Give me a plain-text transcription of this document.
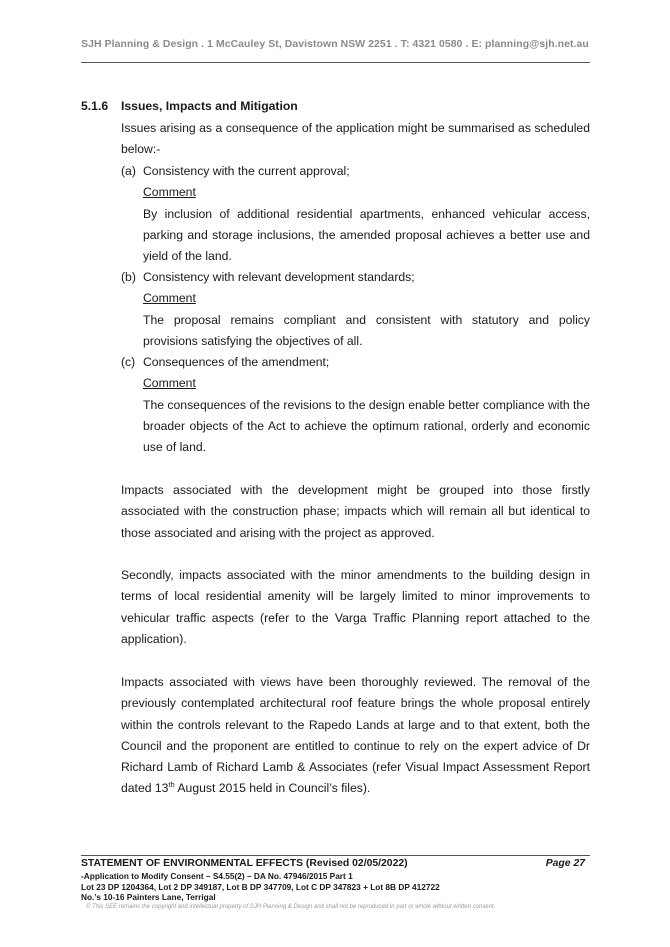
SJH Planning & Design . 1 McCauley St, Davistown NSW 2251 . T: 4321 0580 . E: planning@sjh.net.au
5.1.6 Issues, Impacts and Mitigation
Issues arising as a consequence of the application might be summarised as scheduled below:-
(a) Consistency with the current approval;
Comment
By inclusion of additional residential apartments, enhanced vehicular access, parking and storage inclusions, the amended proposal achieves a better use and yield of the land.
(b) Consistency with relevant development standards;
Comment
The proposal remains compliant and consistent with statutory and policy provisions satisfying the objectives of all.
(c) Consequences of the amendment;
Comment
The consequences of the revisions to the design enable better compliance with the broader objects of the Act to achieve the optimum rational, orderly and economic use of land.
Impacts associated with the development might be grouped into those firstly associated with the construction phase; impacts which will remain all but identical to those associated and arising with the project as approved.
Secondly, impacts associated with the minor amendments to the building design in terms of local residential amenity will be largely limited to minor improvements to vehicular traffic aspects (refer to the Varga Traffic Planning report attached to the application).
Impacts associated with views have been thoroughly reviewed. The removal of the previously contemplated architectural roof feature brings the whole proposal entirely within the controls relevant to the Rapedo Lands at large and to that extent, both the Council and the proponent are entitled to continue to rely on the expert advice of Dr Richard Lamb of Richard Lamb & Associates (refer Visual Impact Assessment Report dated 13th August 2015 held in Council’s files).
STATEMENT OF ENVIRONMENTAL EFFECTS (Revised 02/05/2022)	Page 27
-Application to Modify Consent – S4.55(2) – DA No. 47946/2015 Part 1
Lot 23 DP 1204364, Lot 2 DP 349187, Lot B DP 347709, Lot C DP 347823 + Lot 8B DP 412722
No.’s 10-16 Painters Lane, Terrigal
© This SEE remains the copyright and intellectual property of SJH Planning & Design and shall not be reproduced in part or whole without written consent.
